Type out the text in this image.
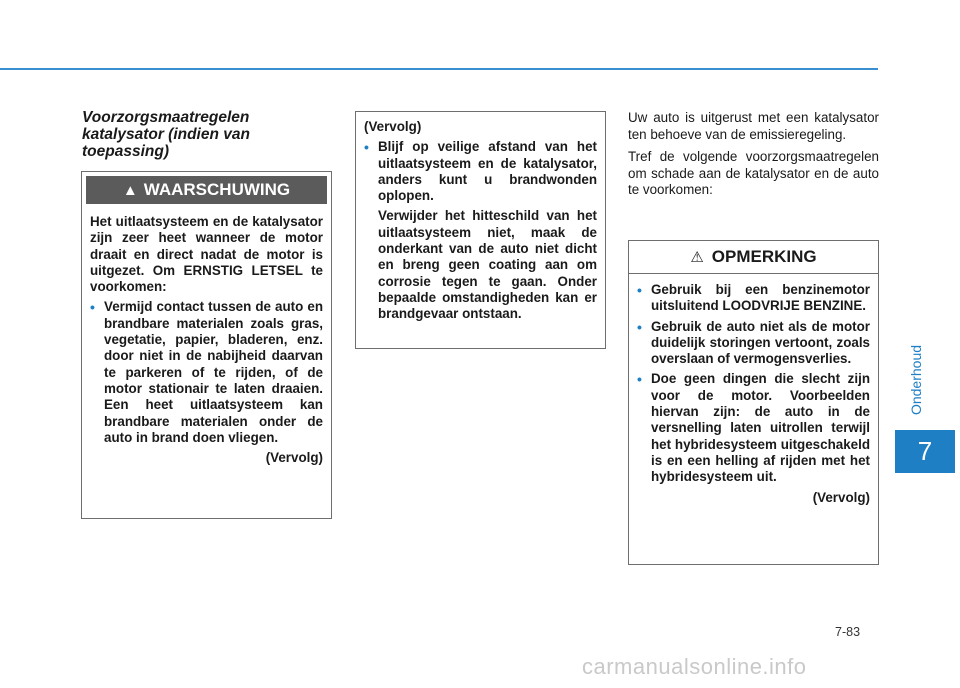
Onderhoud
7
Voorzorgsmaatregelen katalysator (indien van toepassing)
▲ WAARSCHUWING

Het uitlaatsysteem en de katalysator zijn zeer heet wanneer de motor draait en direct nadat de motor is uitgezet. Om ERNSTIG LETSEL te voorkomen:

• Vermijd contact tussen de auto en brandbare materialen zoals gras, vegetatie, papier, bladeren, enz. door niet in de nabijheid daarvan te parkeren of te rijden, of de motor stationair te laten draaien. Een heet uitlaatsysteem kan brandbare materialen onder de auto in brand doen vliegen.

(Vervolg)

(Vervolg)

• Blijf op veilige afstand van het uitlaatsysteem en de katalysator, anders kunt u brandwonden oplopen.
Verwijder het hitteschild van het uitlaatsysteem niet, maak de onderkant van de auto niet dicht en breng geen coating aan om corrosie tegen te gaan. Onder bepaalde omstandigheden kan er brandgevaar ontstaan.

Uw auto is uitgerust met een katalysator ten behoeve van de emissieregeling.

Tref de volgende voorzorgsmaatregelen om schade aan de katalysator en de auto te voorkomen:

⚠ OPMERKING
• Gebruik bij een benzinemotor uitsluitend LOODVRIJE BENZINE.
• Gebruik de auto niet als de motor duidelijk storingen vertoont, zoals overslaan of vermogensverlies.
• Doe geen dingen die slecht zijn voor de motor. Voorbeelden hiervan zijn: de auto in de versnelling laten uitrollen terwijl het hybridesysteem uitgeschakeld is en een helling af rijden met het hybridesysteem uit.

(Vervolg)

7-83
carmanualsonline.info
